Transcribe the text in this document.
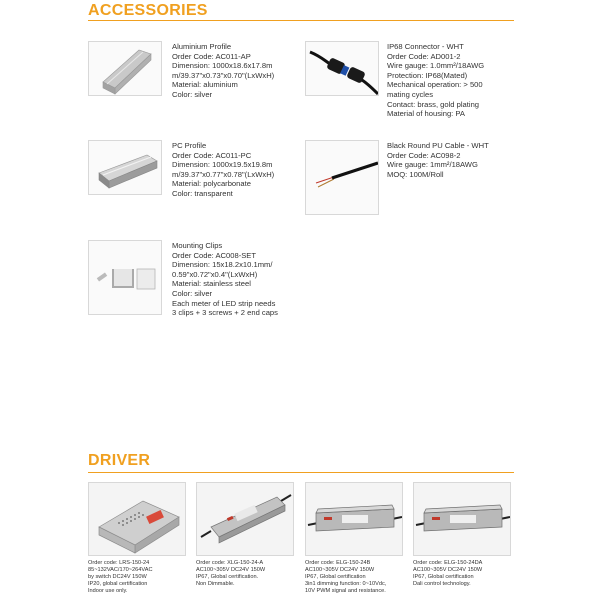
ACCESSORIES
Aluminium Profile
Order Code: AC011-AP
Dimension: 1000x18.6x17.8m
m/39.37"x0.73"x0.70"(LxWxH)
Material: aluminium
Color: silver
IP68 Connector - WHT
Order Code: AD001-2
Wire gauge: 1.0mm²/18AWG
Protection: IP68(Mated)
Mechanical operation: > 500
mating cycles
Contact: brass, gold plating
Material of housing: PA
PC Profile
Order Code: AC011-PC
Dimension: 1000x19.5x19.8m
m/39.37"x0.77"x0.78"(LxWxH)
Material: polycarbonate
Color: transparent
Black Round PU Cable - WHT
Order Code: AC098-2
Wire gauge: 1mm²/18AWG
MOQ: 100M/Roll
Mounting Clips
Order Code: AC008-SET
Dimension: 15x18.2x10.1mm/
0.59"x0.72"x0.4"(LxWxH)
Material: stainless steel
Color: silver
Each meter of LED strip needs
3 clips + 3 screws + 2 end caps
DRIVER
Order code: LRS-150-24
85~132VAC/170~264VAC
by switch DC24V 150W
IP20, global certification
Indoor use only.
Order code: XLG-150-24-A
AC100~305V DC24V 150W
IP67, Global certification.
Non Dimmable.
Order code: ELG-150-24B
AC100~305V DC24V 150W
IP67, Global certification
3in1 dimming function: 0~10Vdc,
10V PWM signal and resistance.
Order code: ELG-150-24DA
AC100~305V DC24V 150W
IP67, Global certification
Dali control technology.
